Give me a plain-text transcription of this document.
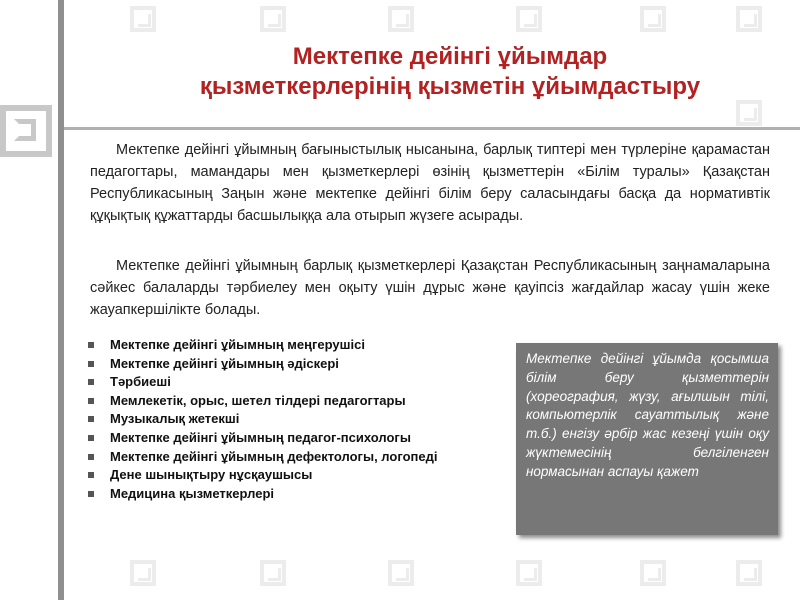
Мектепке дейінгі ұйымдар
қызметкерлерінің қызметін ұйымдастыру

Мектепке дейінгі ұйымның бағыныстылық нысанына, барлық типтері мен түрлеріне қарамастан педагогтары, мамандары мен қызметкерлері өзінің қызметтерін «Білім туралы» Қазақстан Республикасының Заңын және мектепке дейінгі білім беру саласындағы басқа да нормативтік құқықтық құжаттарды басшылыққа ала отырып жүзеге асырады.

Мектепке дейінгі ұйымның барлық қызметкерлері Қазақстан Республикасының заңнамаларына сәйкес балаларды тәрбиелеу мен оқыту үшін дұрыс және қауіпсіз жағдайлар жасау үшін жеке жауапкершілікте болады.

Мектепке дейінгі ұйымның меңгерушісі
Мектепке дейінгі ұйымның әдіскері
Тәрбиеші
Мемлекетік, орыс, шетел тілдері педагогтары
Музыкалық жетекші
Мектепке дейінгі ұйымның педагог-психологы
Мектепке дейінгі ұйымның дефектологы, логопеді
Дене шынықтыру нұсқаушысы
Медицина қызметкерлері

Мектепке дейінгі ұйымда қосымша білім беру қызметтерін (хореография, жүзу, ағылшын тілі, компьютерлік сауаттылық және т.б.) енгізу әрбір жас кезеңі үшін оқу жүктемесінің белгіленген нормасынан аспауы қажет
